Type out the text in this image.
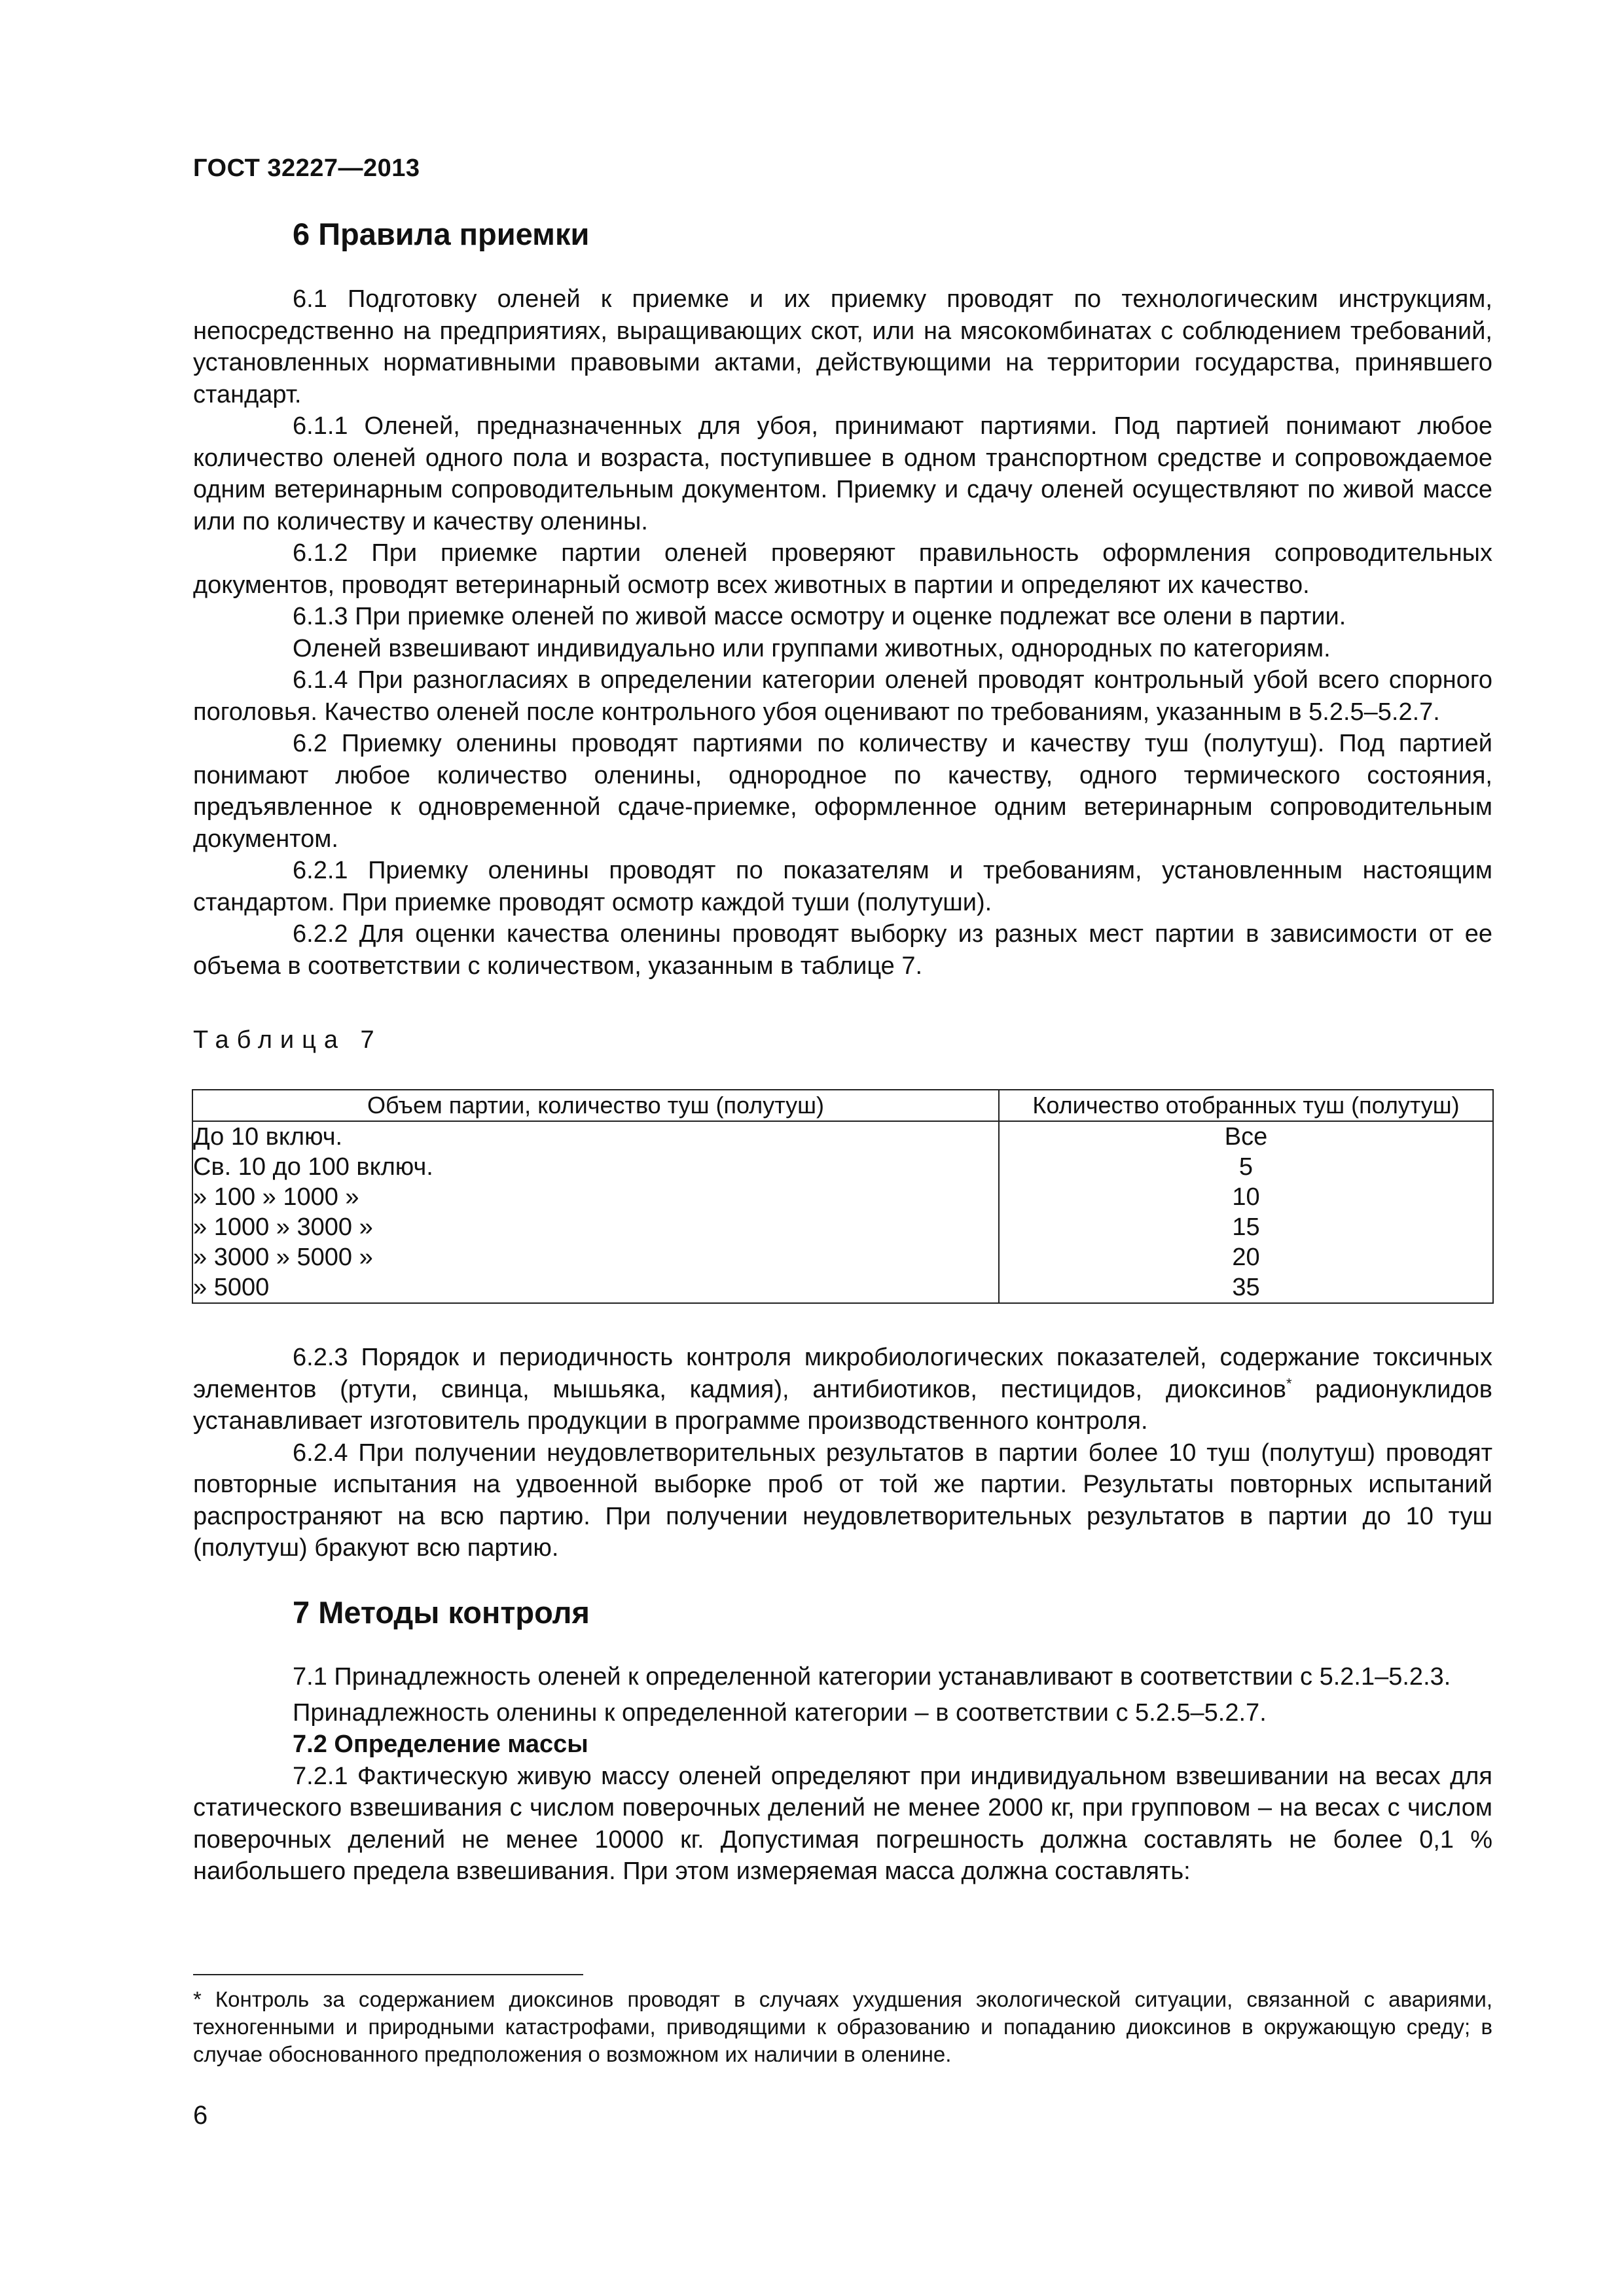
ГОСТ 32227—2013
6 Правила приемки

6.1 Подготовку оленей к приемке и их приемку проводят по технологическим инструкциям, непосредственно на предприятиях, выращивающих скот, или на мясокомбинатах с соблюдением требований, установленных нормативными правовыми актами, действующими на территории государства, принявшего стандарт.

6.1.1 Оленей, предназначенных для убоя, принимают партиями. Под партией понимают любое количество оленей одного пола и возраста, поступившее в одном транспортном средстве и сопровождаемое одним ветеринарным сопроводительным документом. Приемку и сдачу оленей осуществляют по живой массе или по количеству и качеству оленины.

6.1.2 При приемке партии оленей проверяют правильность оформления сопроводительных документов, проводят ветеринарный осмотр всех животных в партии и определяют их качество.

6.1.3 При приемке оленей по живой массе осмотру и оценке подлежат все олени в партии.

Оленей взвешивают индивидуально или группами животных, однородных по категориям.

6.1.4 При разногласиях в определении категории оленей проводят контрольный убой всего спорного поголовья. Качество оленей после контрольного убоя оценивают по требованиям, указанным в 5.2.5–5.2.7.

6.2 Приемку оленины проводят партиями по количеству и качеству туш (полутуш). Под партией понимают любое количество оленины, однородное по качеству, одного термического состояния, предъявленное к одновременной сдаче-приемке, оформленное одним ветеринарным сопроводительным документом.

6.2.1 Приемку оленины проводят по показателям и требованиям, установленным настоящим стандартом. При приемке проводят осмотр каждой туши (полутуши).

6.2.2 Для оценки качества оленины проводят выборку из разных мест партии в зависимости от ее объема в соответствии с количеством, указанным в таблице 7.

Таблица 7
Объем партии, количество туш (полутуш)	Количество отобранных туш (полутуш)
До 10 включ.	Все
Св. 10 до 100 включ.	5
» 100 » 1000 »	10
» 1000 » 3000 »	15
» 3000 » 5000 »	20
» 5000	35

6.2.3 Порядок и периодичность контроля микробиологических показателей, содержание токсичных элементов (ртути, свинца, мышьяка, кадмия), антибиотиков, пестицидов, диоксинов* радионуклидов устанавливает изготовитель продукции в программе производственного контроля.

6.2.4 При получении неудовлетворительных результатов в партии более 10 туш (полутуш) проводят повторные испытания на удвоенной выборке проб от той же партии. Результаты повторных испытаний распространяют на всю партию. При получении неудовлетворительных результатов в партии до 10 туш (полутуш) бракуют всю партию.

7 Методы контроля

7.1 Принадлежность оленей к определенной категории устанавливают в соответствии с 5.2.1–5.2.3.

Принадлежность оленины к определенной категории – в соответствии с 5.2.5–5.2.7.

7.2 Определение массы

7.2.1 Фактическую живую массу оленей определяют при индивидуальном взвешивании на весах для статического взвешивания с числом поверочных делений не менее 2000 кг, при групповом – на весах с числом поверочных делений не менее 10000 кг. Допустимая погрешность должна составлять не более 0,1 % наибольшего предела взвешивания. При этом измеряемая масса должна составлять:

* Контроль за содержанием диоксинов проводят в случаях ухудшения экологической ситуации, связанной с авариями, техногенными и природными катастрофами, приводящими к образованию и попаданию диоксинов в окружающую среду; в случае обоснованного предположения о возможном их наличии в оленине.
6
